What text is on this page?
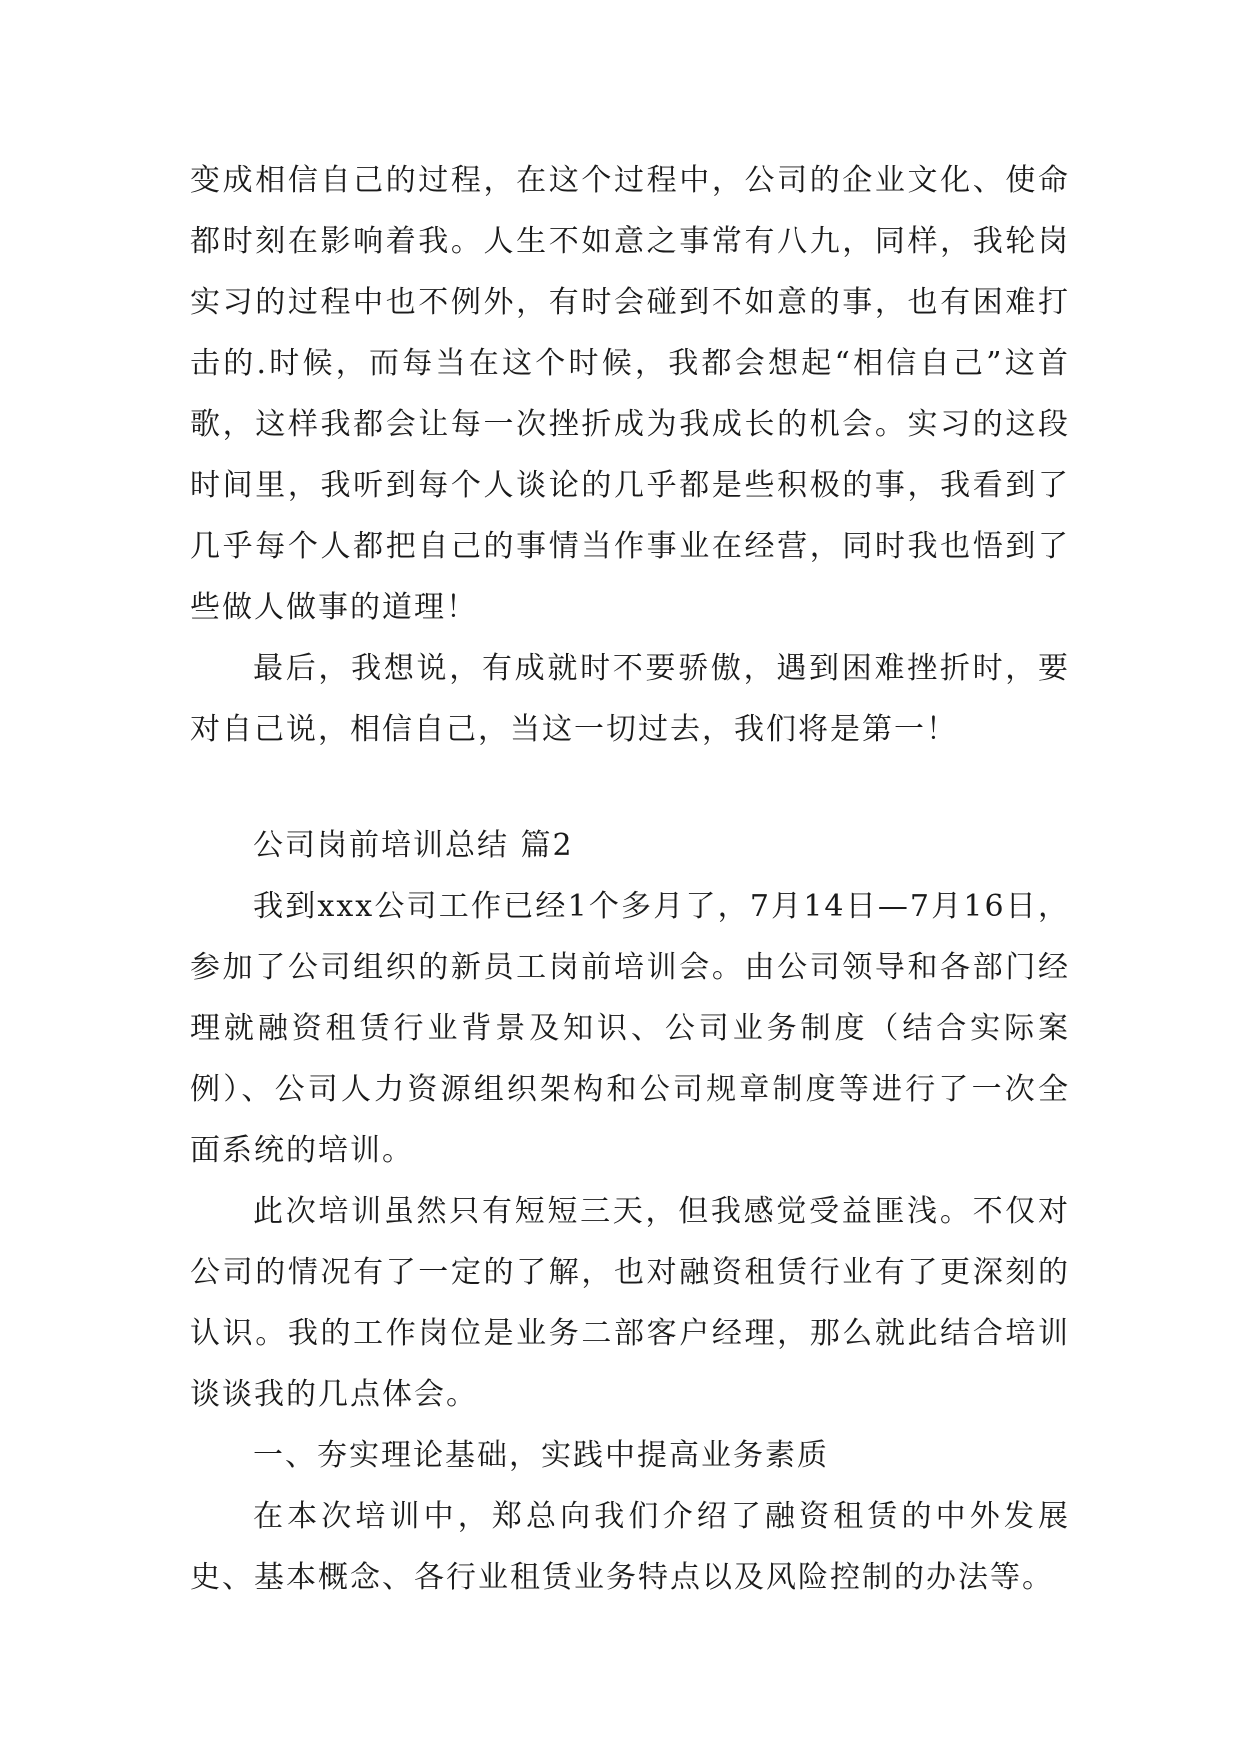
变成相信自己的过程，在这个过程中，公司的企业文化、使命都时刻在影响着我。人生不如意之事常有八九，同样，我轮岗实习的过程中也不例外，有时会碰到不如意的事，也有困难打击的.时候，而每当在这个时候，我都会想起“相信自己”这首歌，这样我都会让每一次挫折成为我成长的机会。实习的这段时间里，我听到每个人谈论的几乎都是些积极的事，我看到了几乎每个人都把自己的事情当作事业在经营，同时我也悟到了些做人做事的道理！

最后，我想说，有成就时不要骄傲，遇到困难挫折时，要对自己说，相信自己，当这一切过去，我们将是第一！

公司岗前培训总结 篇2

我到xxx公司工作已经1个多月了，7月14日—7月16日，参加了公司组织的新员工岗前培训会。由公司领导和各部门经理就融资租赁行业背景及知识、公司业务制度（结合实际案例）、公司人力资源组织架构和公司规章制度等进行了一次全面系统的培训。

此次培训虽然只有短短三天，但我感觉受益匪浅。不仅对公司的情况有了一定的了解，也对融资租赁行业有了更深刻的认识。我的工作岗位是业务二部客户经理，那么就此结合培训谈谈我的几点体会。

一、夯实理论基础，实践中提高业务素质

在本次培训中，郑总向我们介绍了融资租赁的中外发展史、基本概念、各行业租赁业务特点以及风险控制的办法等。
